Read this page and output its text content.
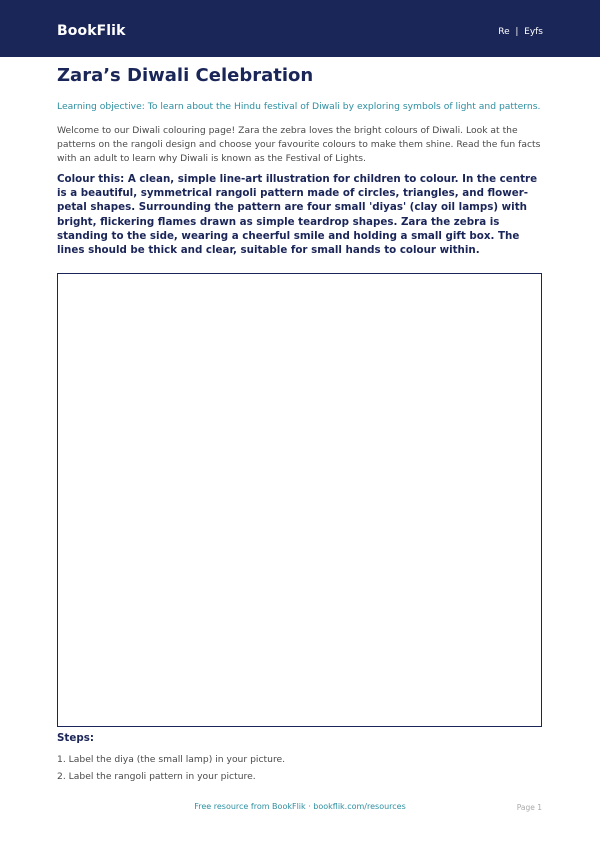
BookFlik	Re  |  Eyfs
Zara’s Diwali Celebration
Learning objective: To learn about the Hindu festival of Diwali by exploring symbols of light and patterns.
Welcome to our Diwali colouring page! Zara the zebra loves the bright colours of Diwali. Look at the patterns on the rangoli design and choose your favourite colours to make them shine. Read the fun facts with an adult to learn why Diwali is known as the Festival of Lights.
Colour this: A clean, simple line-art illustration for children to colour. In the centre is a beautiful, symmetrical rangoli pattern made of circles, triangles, and flower-petal shapes. Surrounding the pattern are four small 'diyas' (clay oil lamps) with bright, flickering flames drawn as simple teardrop shapes. Zara the zebra is standing to the side, wearing a cheerful smile and holding a small gift box. The lines should be thick and clear, suitable for small hands to colour within.
Steps:
1. Label the diya (the small lamp) in your picture.
2. Label the rangoli pattern in your picture.
Free resource from BookFlik · bookflik.com/resources	Page 1
